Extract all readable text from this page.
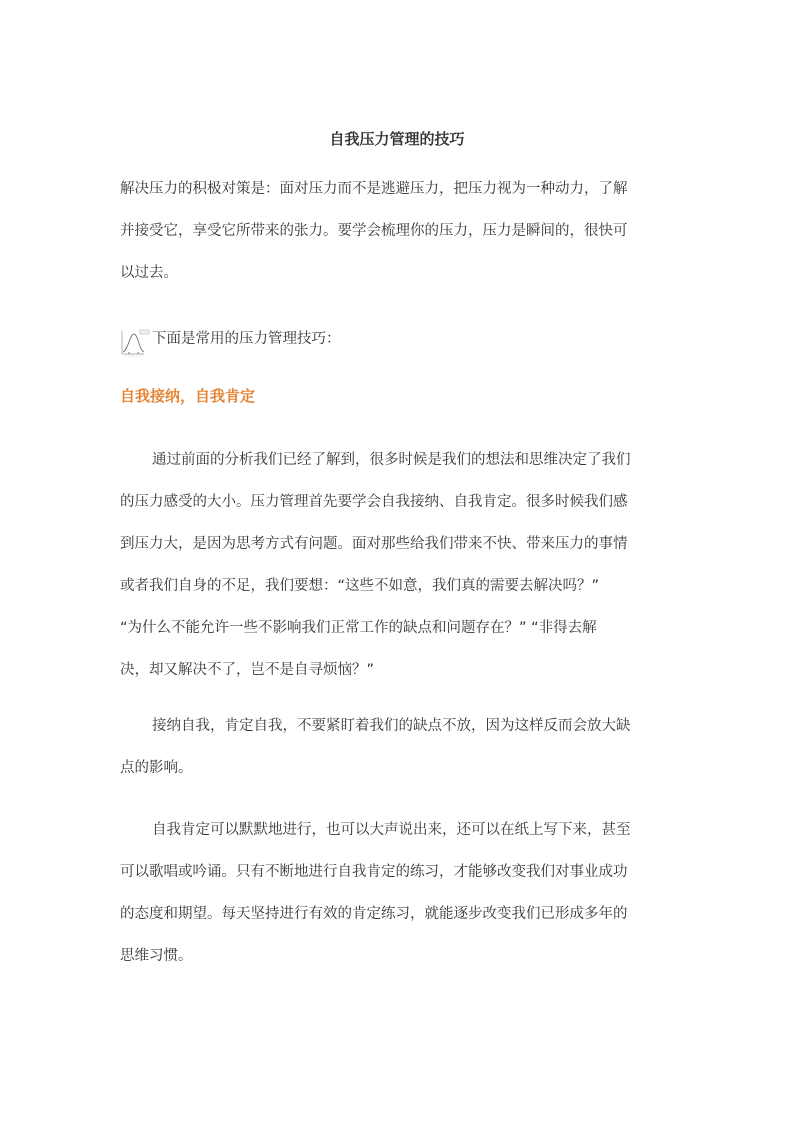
自我压力管理的技巧
解决压力的积极对策是：面对压力而不是逃避压力，把压力视为一种动力，了解
并接受它，享受它所带来的张力。要学会梳理你的压力，压力是瞬间的，很快可
以过去。
下面是常用的压力管理技巧：
自我接纳，自我肯定
通过前面的分析我们已经了解到，很多时候是我们的想法和思维决定了我们
的压力感受的大小。压力管理首先要学会自我接纳、自我肯定。很多时候我们感
到压力大，是因为思考方式有问题。面对那些给我们带来不快、带来压力的事情
或者我们自身的不足，我们要想：“这些不如意，我们真的需要去解决吗？”
“为什么不能允许一些不影响我们正常工作的缺点和问题存在？” “非得去解
决，却又解决不了，岂不是自寻烦恼？”
接纳自我，肯定自我，不要紧盯着我们的缺点不放，因为这样反而会放大缺
点的影响。
自我肯定可以默默地进行，也可以大声说出来，还可以在纸上写下来，甚至
可以歌唱或吟诵。只有不断地进行自我肯定的练习，才能够改变我们对事业成功
的态度和期望。每天坚持进行有效的肯定练习，就能逐步改变我们已形成多年的
思维习惯。
